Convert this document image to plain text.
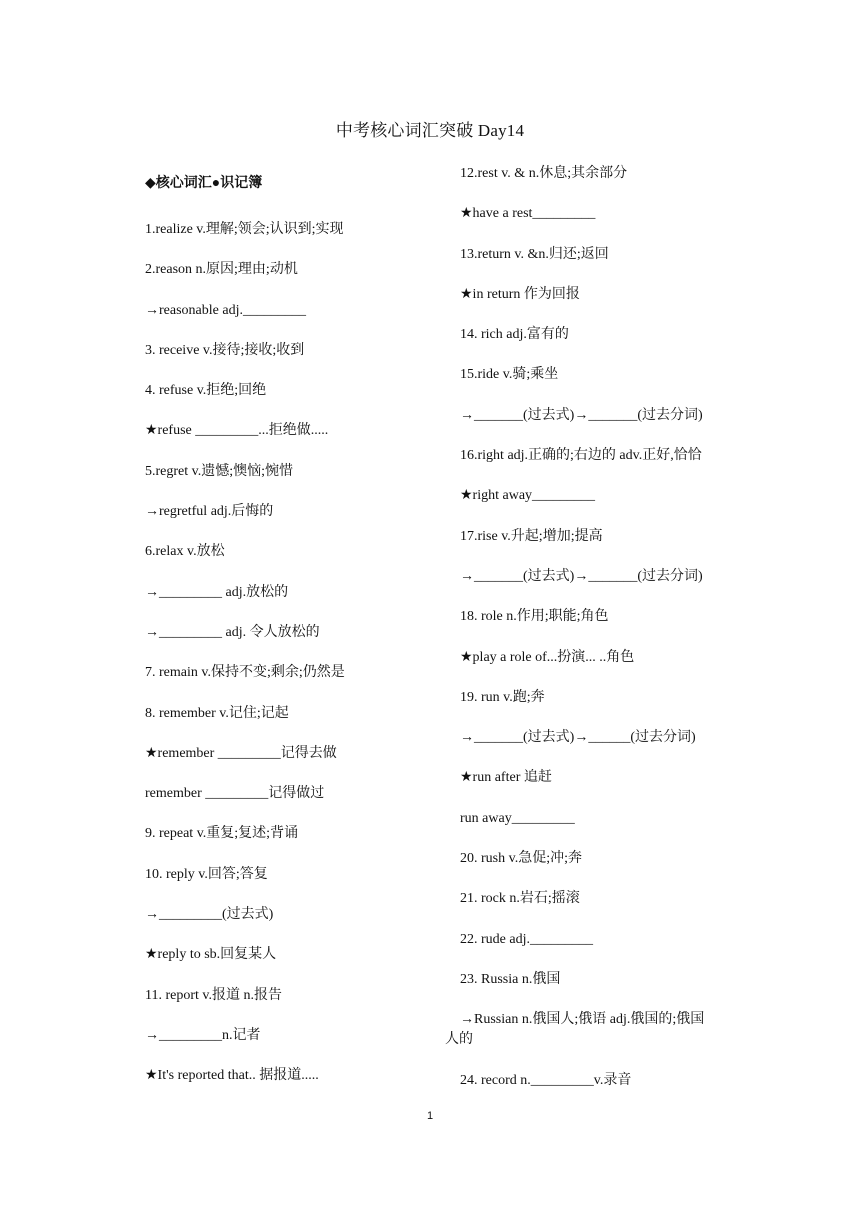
中考核心词汇突破 Day14
◆核心词汇●识记簿
1.realize v.理解;领会;认识到;实现
2.reason n.原因;理由;动机
→reasonable adj._________
3. receive v.接待;接收;收到
4. refuse v.拒绝;回绝
★refuse _________...拒绝做.....
5.regret v.遗憾;懊恼;惋惜
→regretful adj.后悔的
6.relax v.放松
→_________ adj.放松的
→_________ adj. 令人放松的
7. remain v.保持不变;剩余;仍然是
8. remember v.记住;记起
★remember _________记得去做
remember _________记得做过
9. repeat v.重复;复述;背诵
10. reply v.回答;答复
→_________(过去式)
★reply to sb.回复某人
11. report v.报道 n.报告
→_________n.记者
★It's reported that.. 据报道.....
12.rest v. & n.休息;其余部分
★have a rest_________
13.return v. &n.归还;返回
★in return 作为回报
14. rich adj.富有的
15.ride v.骑;乘坐
→_______(过去式)→_______(过去分词)
16.right adj.正确的;右边的 adv.正好,恰恰
★right away_________
17.rise v.升起;增加;提高
→_______(过去式)→_______(过去分词)
18. role n.作用;职能;角色
★play a role of...扮演... ..角色
19. run v.跑;奔
→_______(过去式)→______(过去分词)
★run after 追赶
run away_________
20. rush v.急促;冲;奔
21. rock n.岩石;摇滚
22. rude adj._________
23. Russia n.俄国
→Russian n.俄国人;俄语 adj.俄国的;俄国
人的
24. record n._________v.录音
1
